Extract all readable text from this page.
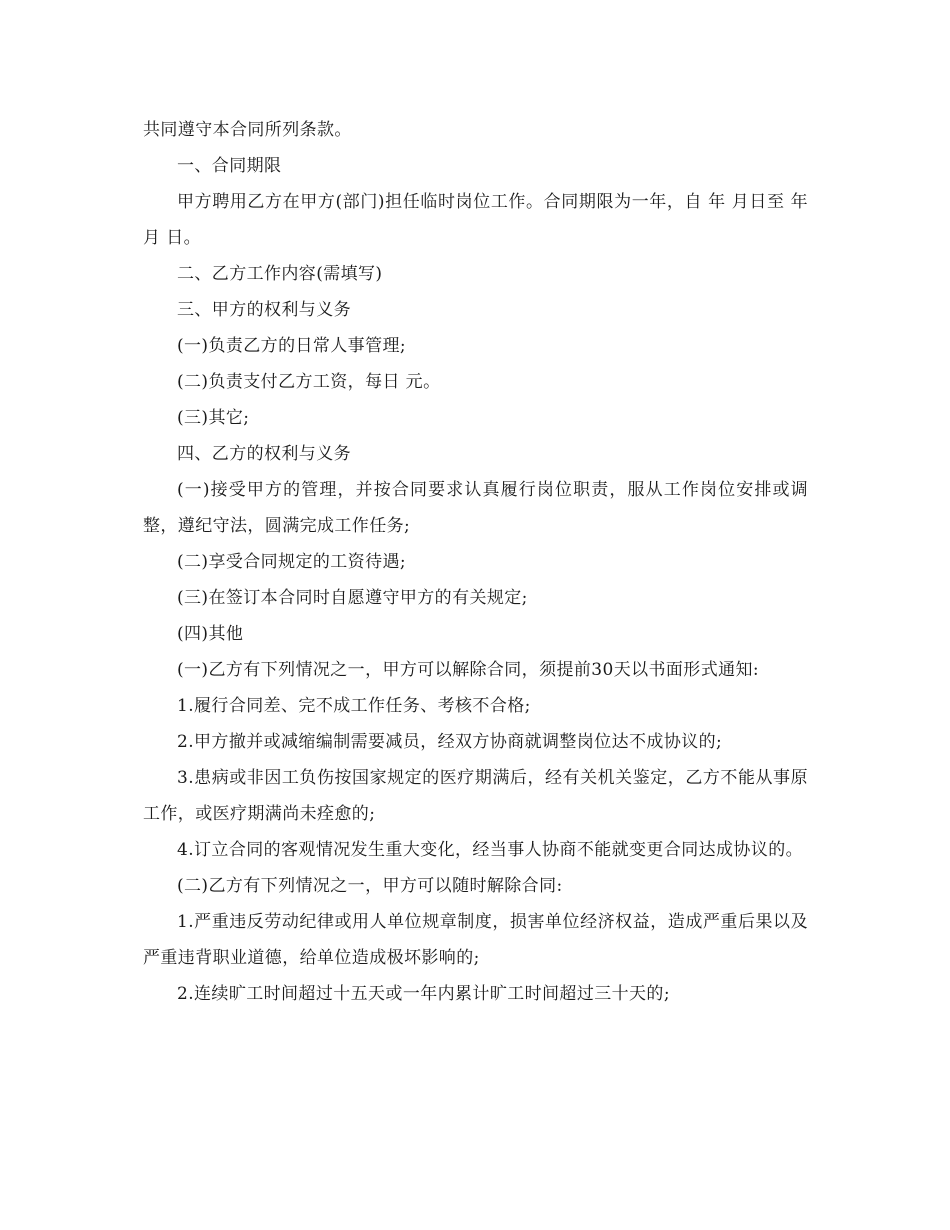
共同遵守本合同所列条款。

一、合同期限

甲方聘用乙方在甲方(部门)担任临时岗位工作。合同期限为一年，自 年 月日至 年 月 日。

二、乙方工作内容(需填写)

三、甲方的权利与义务

(一)负责乙方的日常人事管理;

(二)负责支付乙方工资，每日 元。

(三)其它;

四、乙方的权利与义务

(一)接受甲方的管理，并按合同要求认真履行岗位职责，服从工作岗位安排或调整，遵纪守法，圆满完成工作任务;

(二)享受合同规定的工资待遇;

(三)在签订本合同时自愿遵守甲方的有关规定;

(四)其他

(一)乙方有下列情况之一，甲方可以解除合同，须提前30天以书面形式通知:

1.履行合同差、完不成工作任务、考核不合格;

2.甲方撤并或减缩编制需要减员，经双方协商就调整岗位达不成协议的;

3.患病或非因工负伤按国家规定的医疗期满后，经有关机关鉴定，乙方不能从事原工作，或医疗期满尚未痊愈的;

4.订立合同的客观情况发生重大变化，经当事人协商不能就变更合同达成协议的。

(二)乙方有下列情况之一，甲方可以随时解除合同:

1.严重违反劳动纪律或用人单位规章制度，损害单位经济权益，造成严重后果以及严重违背职业道德，给单位造成极坏影响的;

2.连续旷工时间超过十五天或一年内累计旷工时间超过三十天的;
